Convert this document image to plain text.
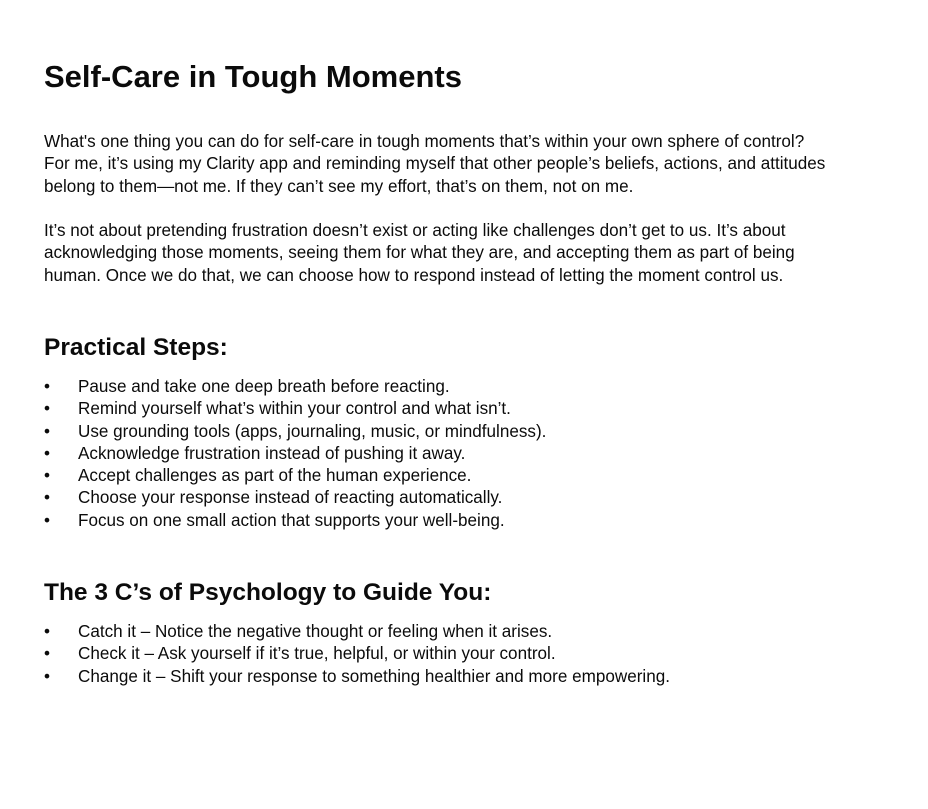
Self-Care in Tough Moments

What's one thing you can do for self-care in tough moments that’s within your own sphere of control?
For me, it’s using my Clarity app and reminding myself that other people’s beliefs, actions, and attitudes
belong to them—not me. If they can’t see my effort, that’s on them, not on me.

It’s not about pretending frustration doesn’t exist or acting like challenges don’t get to us. It’s about
acknowledging those moments, seeing them for what they are, and accepting them as part of being
human. Once we do that, we can choose how to respond instead of letting the moment control us.

Practical Steps:
• Pause and take one deep breath before reacting.
• Remind yourself what’s within your control and what isn’t.
• Use grounding tools (apps, journaling, music, or mindfulness).
• Acknowledge frustration instead of pushing it away.
• Accept challenges as part of the human experience.
• Choose your response instead of reacting automatically.
• Focus on one small action that supports your well-being.
The 3 C’s of Psychology to Guide You:
• Catch it – Notice the negative thought or feeling when it arises.
• Check it – Ask yourself if it’s true, helpful, or within your control.
• Change it – Shift your response to something healthier and more empowering.
